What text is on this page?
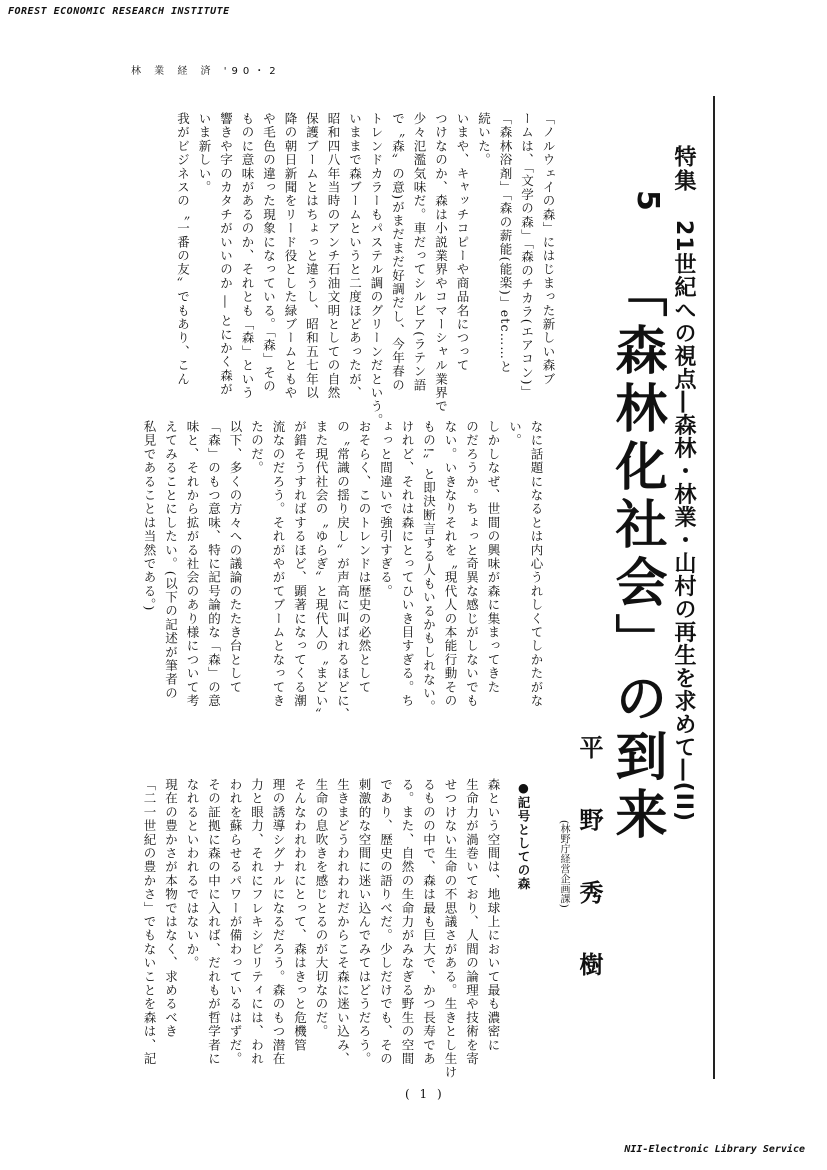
FOREST ECONOMIC RESEARCH INSTITUTE
林 業 経 済 '90・2
特集
21世紀への視点―森林・林業・山村の再生を求めて―(II)
5
「森林化社会」の到来
平 野 秀 樹
(林野庁経営企画課)
●記号としての森
「ノルウェイの森」にはじまった新しい森ブ
ームは、「文学の森」「森のチカラ(エアコン)」
「森林浴剤」「森の薪能(能楽)」etc……と
続いた。
いまや、キャッチコピーや商品名につって
つけなのか、森は小説業界やコマーシャル業界で
少々氾濫気味だ。車だってシルビア(ラテン語
で〝森〟の意)がまだまだ好調だし、今年春の
トレンドカラーもパステル調のグリーンだという。
いままで森ブームというと二度ほどあったが、
昭和四八年当時のアンチ石油文明としての自然
保護ブームとはちょっと違うし、昭和五七年以
降の朝日新聞をリード役とした緑ブームともや
や毛色の違った現象になっている。「森」その
ものに意味があるのか、それとも「森」という
響きや字のカタチがいいのか ― とにかく森が
いま新しい。
我がビジネスの〝一番の友〟でもあり、こん
なに話題になるとは内心うれしくてしかたがな
い。
しかしなぜ、世間の興味が森に集まってきた
のだろうか。ちょっと奇異な感じがしないでも
ない。いきなりそれを〝現代人の本能行動その
もの!〟と即決断言する人もいるかもしれない。
けれど、それは森にとってひいき目すぎる。ち
ょっと間違いで強引すぎる。
おそらく、このトレンドは歴史の必然として
の〝常識の揺り戻し〟が声高に叫ばれるほどに、
また現代社会の〝ゆらぎ〟と現代人の〝まどい〟
が錯そうすればするほど、顕著になってくる潮
流なのだろう。それがやがてブームとなってき
たのだ。
以下、多くの方々への議論のたたき台として
「森」のもつ意味、特に記号論的な「森」の意
味と、それから拡がる社会のあり様について考
えてみることにしたい。(以下の記述が筆者の
私見であることは当然である。)
森という空間は、地球上において最も濃密に
生命力が渦巻いており、人間の論理や技術を寄
せつけない生命の不思議さがある。生きとし生け
るものの中で、森は最も巨大で、かつ長寿であ
る。また、自然の生命力がみなぎる野生の空間
であり、歴史の語りべだ。少しだけでも、その
刺激的な空間に迷い込んでみてはどうだろう。
生きまどうわれわれだからこそ森に迷い込み、
生命の息吹きを感じとるのが大切なのだ。
そんなわれわれにとって、森はきっと危機管
理の誘導シグナルになるだろう。森のもつ潜在
力と眼力、それにフレキシビリティには、われ
われを蘇らせるパワーが備わっているはずだ。
その証拠に森の中に入れば、だれもが哲学者に
なれるといわれるではないか。
現在の豊かさが本物ではなく、求めるべき
「二一世紀の豊かさ」でもないことを森は、記
( 1 )
NII-Electronic Library Service
